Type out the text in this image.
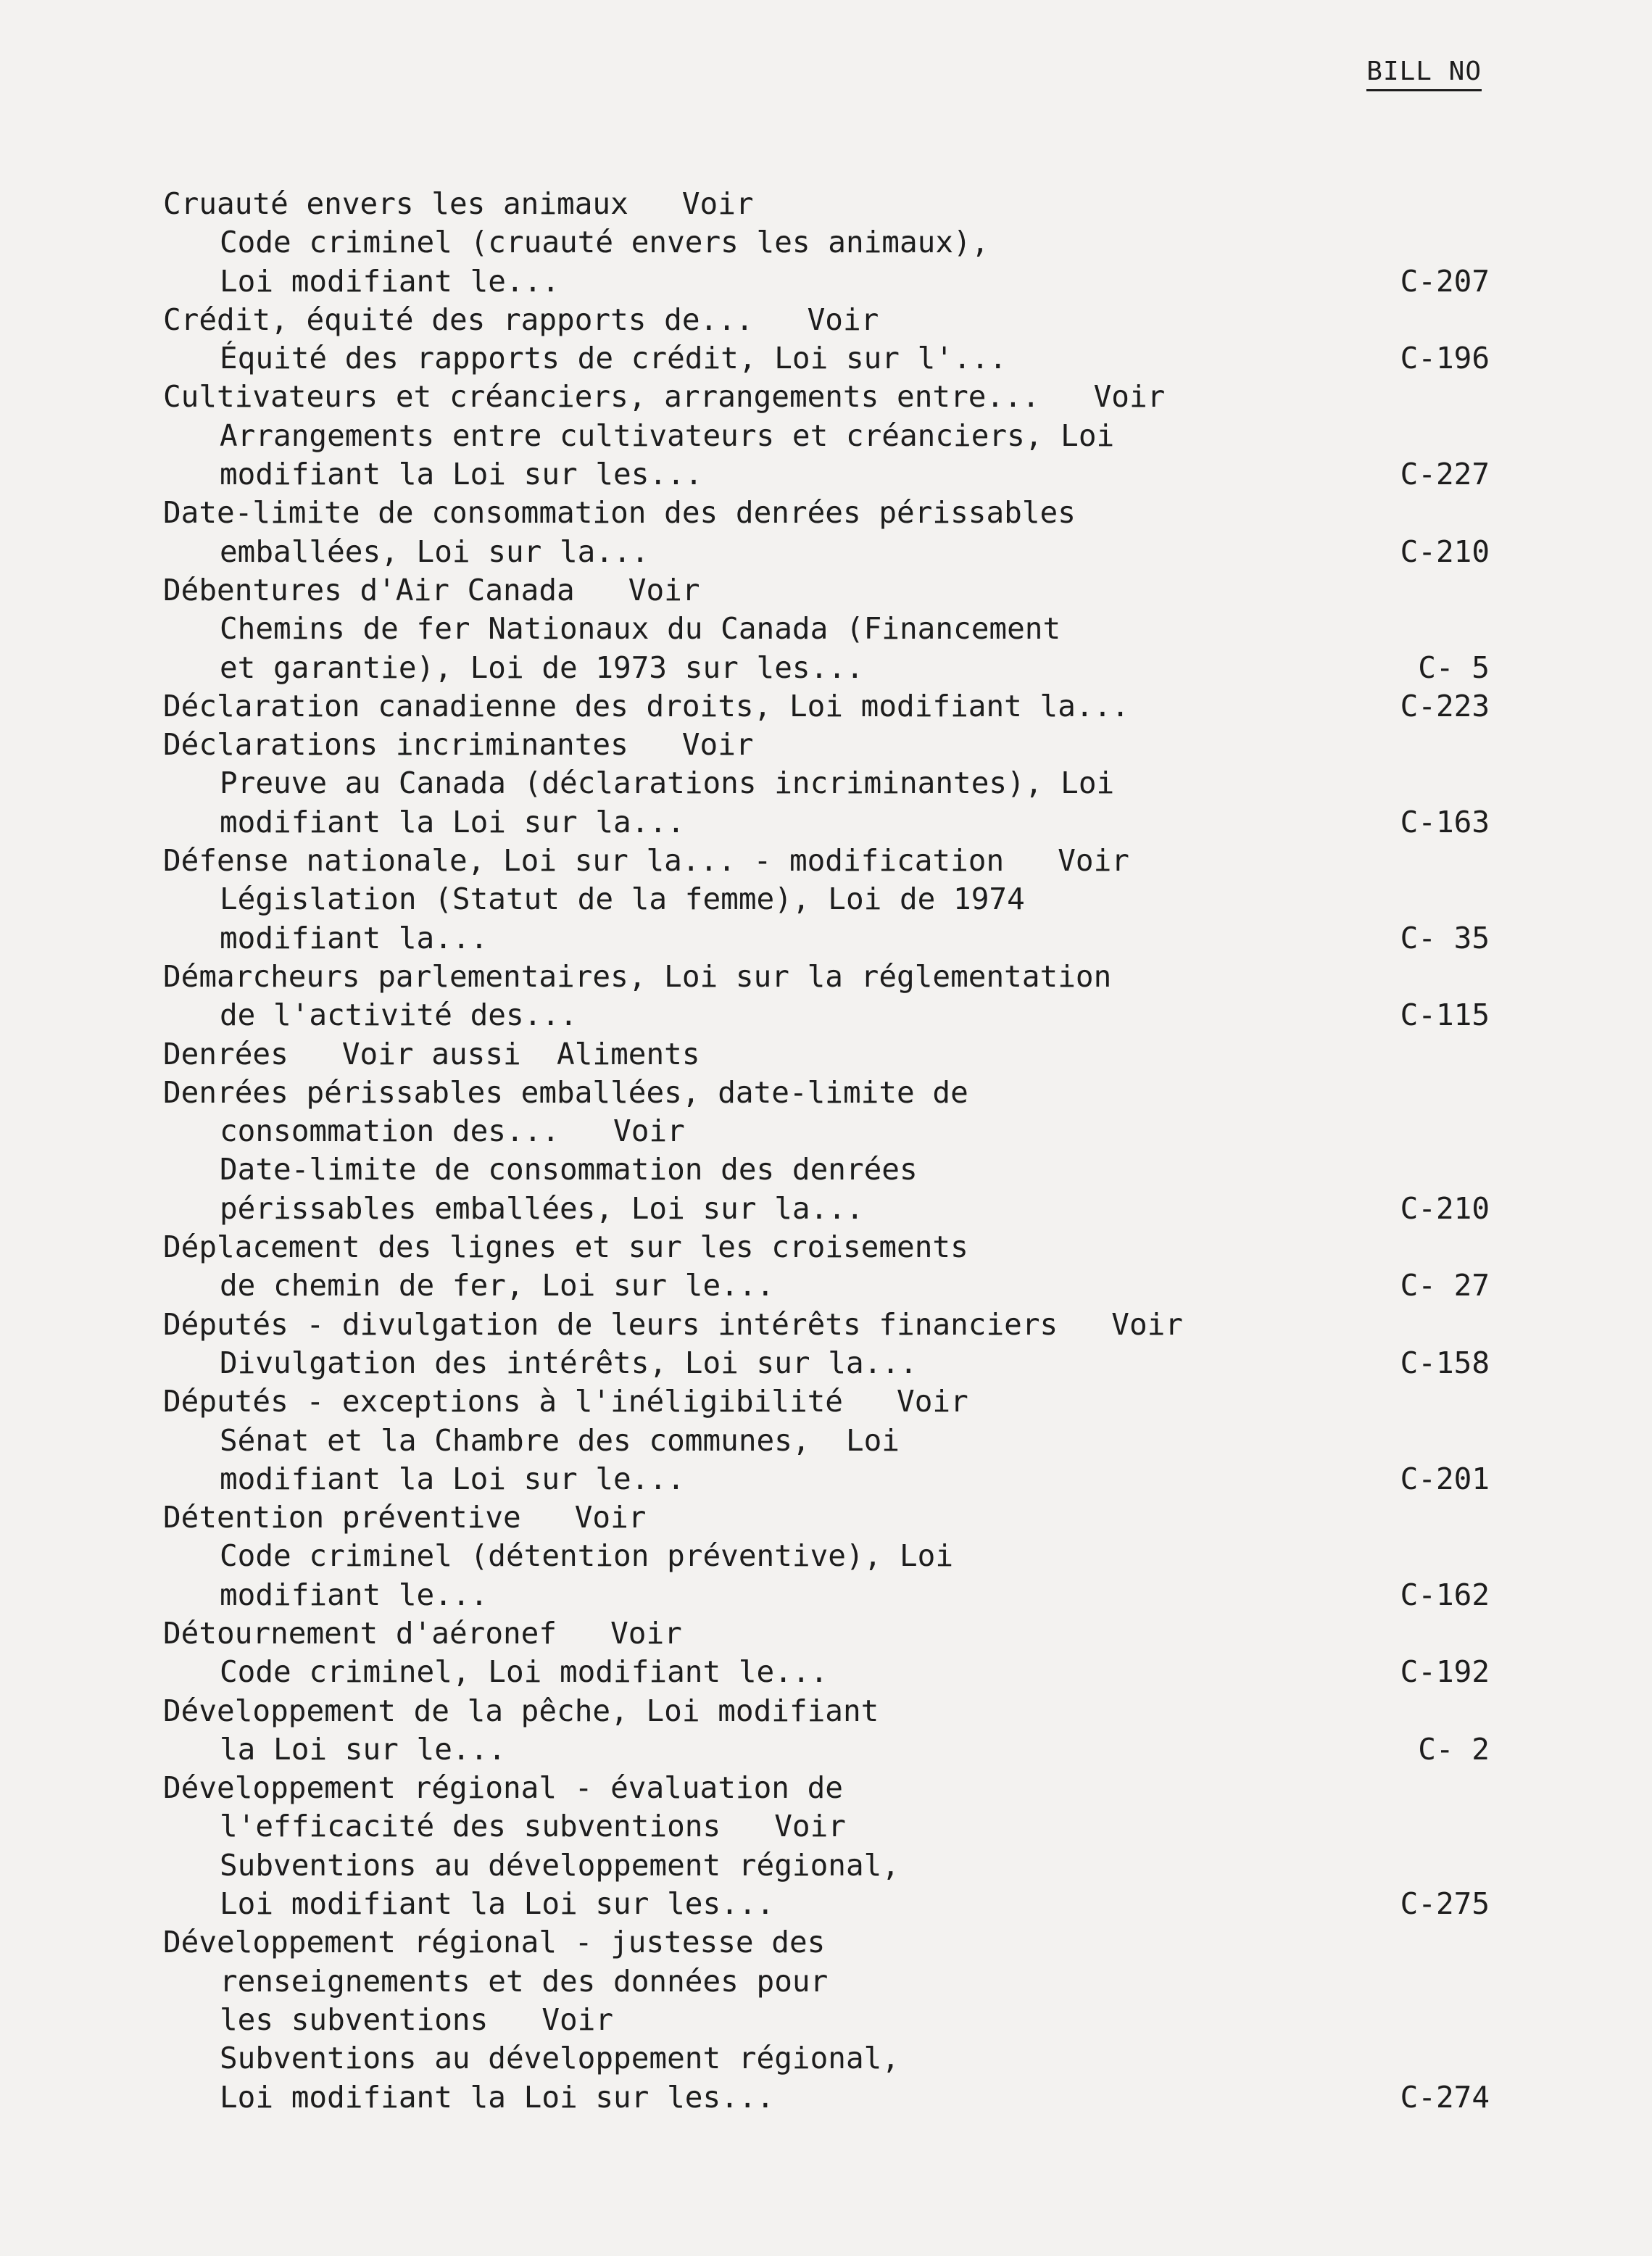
BILL NO
Cruauté envers les animaux   Voir
Code criminel (cruauté envers les animaux),
Loi modifiant le...	C-207
Crédit, équité des rapports de...   Voir
Équité des rapports de crédit, Loi sur l'...	C-196
Cultivateurs et créanciers, arrangements entre...   Voir
Arrangements entre cultivateurs et créanciers, Loi
modifiant la Loi sur les...	C-227
Date-limite de consommation des denrées périssables
emballées, Loi sur la...	C-210
Débentures d'Air Canada   Voir
Chemins de fer Nationaux du Canada (Financement
et garantie), Loi de 1973 sur les...	C- 5
Déclaration canadienne des droits, Loi modifiant la...	C-223
Déclarations incriminantes   Voir
Preuve au Canada (déclarations incriminantes), Loi
modifiant la Loi sur la...	C-163
Défense nationale, Loi sur la... - modification   Voir
Législation (Statut de la femme), Loi de 1974
modifiant la...	C- 35
Démarcheurs parlementaires, Loi sur la réglementation
de l'activité des...	C-115
Denrées   Voir aussi  Aliments
Denrées périssables emballées, date-limite de
consommation des...   Voir
Date-limite de consommation des denrées
périssables emballées, Loi sur la...	C-210
Déplacement des lignes et sur les croisements
de chemin de fer, Loi sur le...	C- 27
Députés - divulgation de leurs intérêts financiers   Voir
Divulgation des intérêts, Loi sur la...	C-158
Députés - exceptions à l'inéligibilité   Voir
Sénat et la Chambre des communes,  Loi
modifiant la Loi sur le...	C-201
Détention préventive   Voir
Code criminel (détention préventive), Loi
modifiant le...	C-162
Détournement d'aéronef   Voir
Code criminel, Loi modifiant le...	C-192
Développement de la pêche, Loi modifiant
la Loi sur le...	C- 2
Développement régional - évaluation de
l'efficacité des subventions   Voir
Subventions au développement régional,
Loi modifiant la Loi sur les...	C-275
Développement régional - justesse des
renseignements et des données pour
les subventions   Voir
Subventions au développement régional,
Loi modifiant la Loi sur les...	C-274
